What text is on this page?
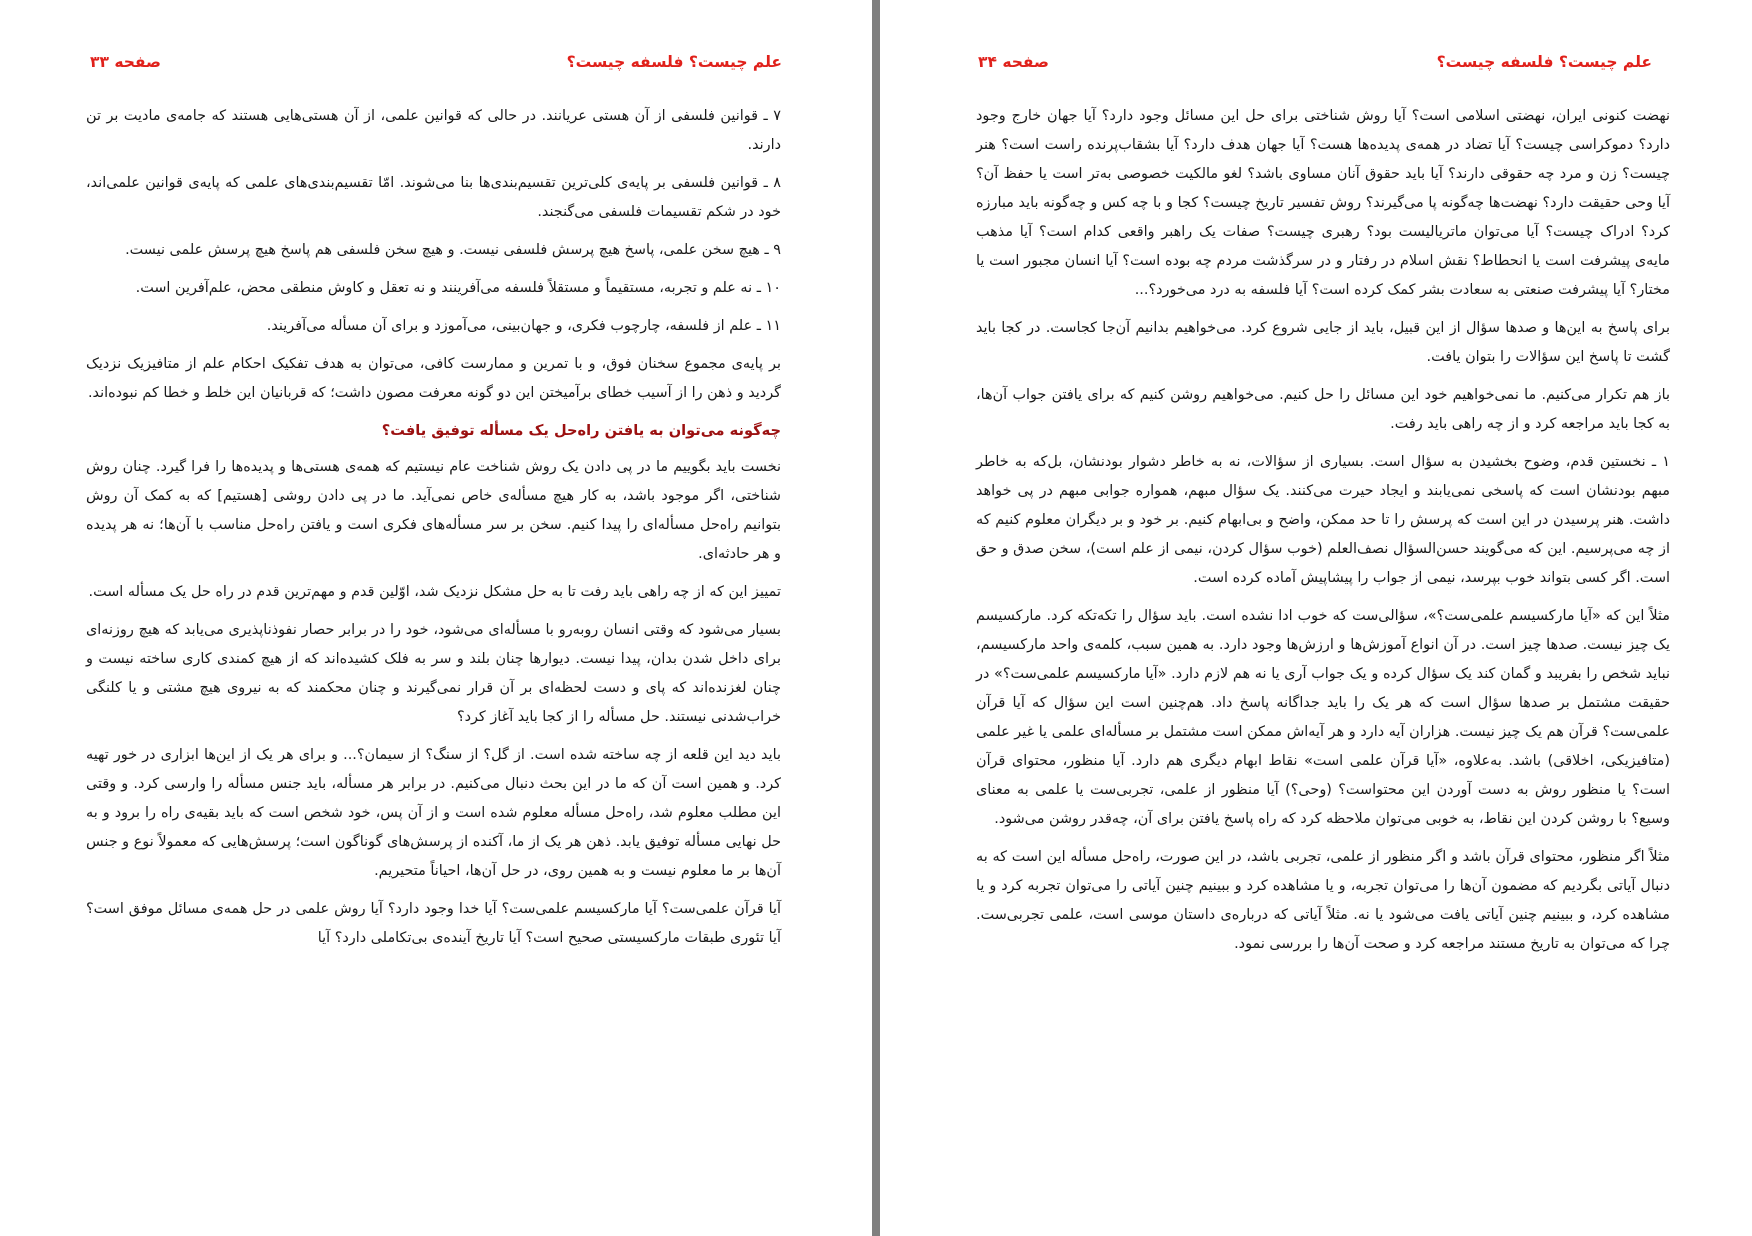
صفحه ۳۳	علم چیست؟ فلسفه چیست؟

۷ ـ قوانین فلسفی از آن هستی عریانند. در حالی که قوانین علمی، از آن هستی‌هایی هستند که جامه‌ی مادیت بر تن دارند.

۸ ـ قوانین فلسفی بر پایه‌ی کلی‌ترین تقسیم‌بندی‌ها بنا می‌شوند. امّا تقسیم‌بندی‌های علمی که پایه‌ی قوانین علمی‌اند، خود در شکم تقسیمات فلسفی می‌گنجند.

۹ ـ هیچ سخن علمی، پاسخ هیچ پرسش فلسفی نیست. و هیچ سخن فلسفی هم پاسخ هیچ پرسش علمی نیست.

۱۰ ـ نه علم و تجربه، مستقیماً و مستقلاً فلسفه می‌آفرینند و نه تعقل و کاوش منطقی محض، علم‌آفرین است.

۱۱ ـ علم از فلسفه، چارچوب فکری، و جهان‌بینی، می‌آموزد و برای آن مسأله می‌آفریند.

بر پایه‌ی مجموع سخنان فوق، و با تمرین و ممارست کافی، می‌توان به هدف تفکیک احکام علم از متافیزیک نزدیک گردید و ذهن را از آسیب خطای برآمیختن این دو گونه معرفت مصون داشت؛ که قربانیان این خلط و خطا کم نبوده‌اند.

چه‌گونه می‌توان به یافتن راه‌حل یک مسأله توفیق یافت؟

نخست باید بگوییم ما در پی دادن یک روش شناخت عام نیستیم که همه‌ی هستی‌ها و پدیده‌ها را فرا گیرد. چنان روش شناختی، اگر موجود باشد، به کار هیچ مسأله‌ی خاص نمی‌آید. ما در پی دادن روشی [هستیم] که به کمک آن روش بتوانیم راه‌حل مسأله‌ای را پیدا کنیم. سخن بر سر مسأله‌های فکری است و یافتن راه‌حل مناسب با آن‌ها؛ نه هر پدیده و هر حادثه‌ای.

تمییز این که از چه راهی باید رفت تا به حل مشکل نزدیک شد، اوّلین قدم و مهم‌ترین قدم در راه حل یک مسأله است.

بسیار می‌شود که وقتی انسان روبه‌رو با مسأله‌ای می‌شود، خود را در برابر حصار نفوذناپذیری می‌یابد که هیچ روزنه‌ای برای داخل شدن بدان، پیدا نیست. دیوارها چنان بلند و سر به فلک کشیده‌اند که از هیچ کمندی کاری ساخته نیست و چنان لغزنده‌اند که پای و دست لحظه‌ای بر آن قرار نمی‌گیرند و چنان محکمند که به نیروی هیچ مشتی و یا کلنگی خراب‌شدنی نیستند. حل مسأله را از کجا باید آغاز کرد؟

باید دید این قلعه از چه ساخته شده است. از گل؟ از سنگ؟ از سیمان؟... و برای هر یک از این‌ها ابزاری در خور تهیه کرد. و همین است آن که ما در این بحث دنبال می‌کنیم. در برابر هر مسأله، باید جنس مسأله را وارسی کرد. و وقتی این مطلب معلوم شد، راه‌حل مسأله معلوم شده است و از آن پس، خود شخص است که باید بقیه‌ی راه را برود و به حل نهایی مسأله توفیق یابد. ذهن هر یک از ما، آکنده از پرسش‌های گوناگون است؛ پرسش‌هایی که معمولاً نوع و جنس آن‌ها بر ما معلوم نیست و به همین روی، در حل آن‌ها، احیاناً متحیریم.

آیا قرآن علمی‌ست؟ آیا مارکسیسم علمی‌ست؟ آیا خدا وجود دارد؟ آیا روش علمی در حل همه‌ی مسائل موفق است؟ آیا تئوری طبقات مارکسیستی صحیح است؟ آیا تاریخ آینده‌ی بی‌تکاملی دارد؟ آیا

صفحه ۳۴	علم چیست؟ فلسفه چیست؟

نهضت کنونی ایران، نهضتی اسلامی است؟ آیا روش شناختی برای حل این مسائل وجود دارد؟ آیا جهان خارج وجود دارد؟ دموکراسی چیست؟ آیا تضاد در همه‌ی پدیده‌ها هست؟ آیا جهان هدف دارد؟ آیا بشقاب‌پرنده راست است؟ هنر چیست؟ زن و مرد چه حقوقی دارند؟ آیا باید حقوق آنان مساوی باشد؟ لغو مالکیت خصوصی به‌تر است یا حفظ آن؟ آیا وحی حقیقت دارد؟ نهضت‌ها چه‌گونه پا می‌گیرند؟ روش تفسیر تاریخ چیست؟ کجا و با چه کس و چه‌گونه باید مبارزه کرد؟ ادراک چیست؟ آیا می‌توان ماتریالیست بود؟ رهبری چیست؟ صفات یک راهبر واقعی کدام است؟ آیا مذهب مایه‌ی پیشرفت است یا انحطاط؟ نقش اسلام در رفتار و در سرگذشت مردم چه بوده است؟ آیا انسان مجبور است یا مختار؟ آیا پیشرفت صنعتی به سعادت بشر کمک کرده است؟ آیا فلسفه به درد می‌خورد؟...

برای پاسخ به این‌ها و صدها سؤال از این قبیل، باید از جایی شروع کرد. می‌خواهیم بدانیم آن‌جا کجاست. در کجا باید گشت تا پاسخ این سؤالات را بتوان یافت.

باز هم تکرار می‌کنیم. ما نمی‌خواهیم خود این مسائل را حل کنیم. می‌خواهیم روشن کنیم که برای یافتن جواب آن‌ها، به کجا باید مراجعه کرد و از چه راهی باید رفت.

۱ ـ نخستین قدم، وضوح بخشیدن به سؤال است. بسیاری از سؤالات، نه به خاطر دشوار بودنشان، بل‌که به خاطر مبهم بودنشان است که پاسخی نمی‌یابند و ایجاد حیرت می‌کنند. یک سؤال مبهم، همواره جوابی مبهم در پی خواهد داشت. هنر پرسیدن در این است که پرسش را تا حد ممکن، واضح و بی‌ابهام کنیم. بر خود و بر دیگران معلوم کنیم که از چه می‌پرسیم. این که می‌گویند حسن‌السؤال نصف‌العلم (خوب سؤال کردن، نیمی از علم است)، سخن صدق و حق است. اگر کسی بتواند خوب بپرسد، نیمی از جواب را پیشاپیش آماده کرده است.

مثلاً این که «آیا مارکسیسم علمی‌ست؟»، سؤالی‌ست که خوب ادا نشده است. باید سؤال را تکه‌تکه کرد. مارکسیسم یک چیز نیست. صدها چیز است. در آن انواع آموزش‌ها و ارزش‌ها وجود دارد. به همین سبب، کلمه‌ی واحد مارکسیسم، نباید شخص را بفریبد و گمان کند یک سؤال کرده و یک جواب آری یا نه هم لازم دارد. «آیا مارکسیسم علمی‌ست؟» در حقیقت مشتمل بر صدها سؤال است که هر یک را باید جداگانه پاسخ داد. هم‌چنین است این سؤال که آیا قرآن علمی‌ست؟ قرآن هم یک چیز نیست. هزاران آیه دارد و هر آیه‌اش ممکن است مشتمل بر مسأله‌ای علمی یا غیر علمی (متافیزیکی، اخلاقی) باشد. به‌علاوه، «آیا قرآن علمی است» نقاط ابهام دیگری هم دارد. آیا منظور، محتوای قرآن است؟ یا منظور روش به دست آوردن این محتواست؟ (وحی؟) آیا منظور از علمی، تجربی‌ست یا علمی به معنای وسیع؟ با روشن کردن این نقاط، به خوبی می‌توان ملاحظه کرد که راه پاسخ یافتن برای آن، چه‌قدر روشن می‌شود.

مثلاً اگر منظور، محتوای قرآن باشد و اگر منظور از علمی، تجربی باشد، در این صورت، راه‌حل مسأله این است که به دنبال آیاتی بگردیم که مضمون آن‌ها را می‌توان تجربه، و یا مشاهده کرد و ببینیم چنین آیاتی را می‌توان تجربه کرد و یا مشاهده کرد، و ببینیم چنین آیاتی یافت می‌شود یا نه. مثلاً آیاتی که درباره‌ی داستان موسی است، علمی تجربی‌ست. چرا که می‌توان به تاریخ مستند مراجعه کرد و صحت آن‌ها را بررسی نمود.
